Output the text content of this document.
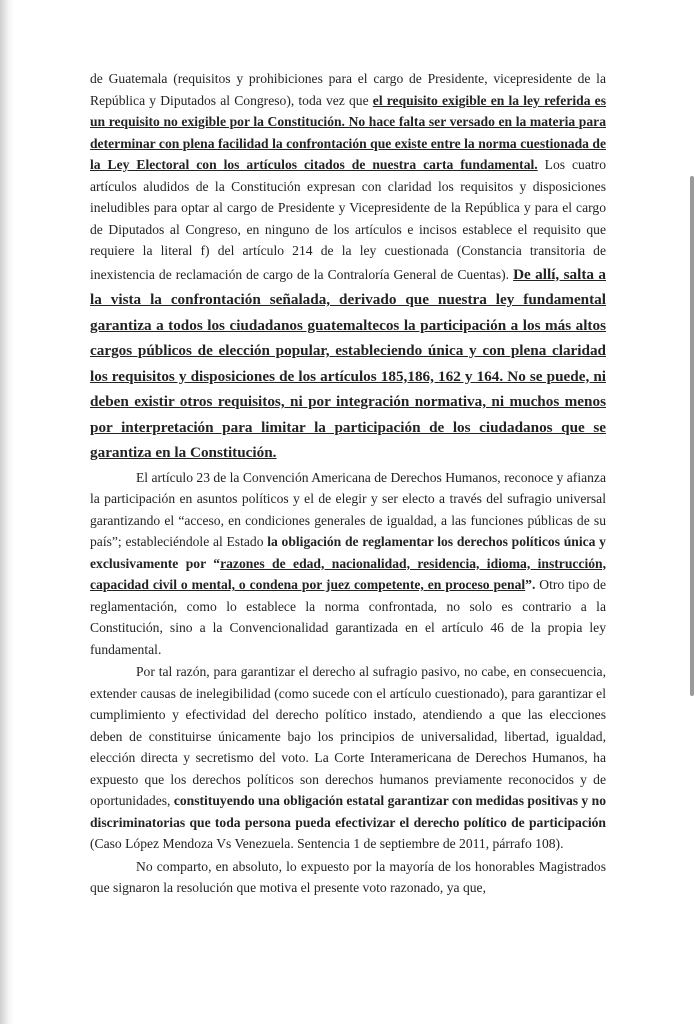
de Guatemala (requisitos y prohibiciones para el cargo de Presidente, vicepresidente de la República y Diputados al Congreso), toda vez que el requisito exigible en la ley referida es un requisito no exigible por la Constitución. No hace falta ser versado en la materia para determinar con plena facilidad la confrontación que existe entre la norma cuestionada de la Ley Electoral con los artículos citados de nuestra carta fundamental. Los cuatro artículos aludidos de la Constitución expresan con claridad los requisitos y disposiciones ineludibles para optar al cargo de Presidente y Vicepresidente de la República y para el cargo de Diputados al Congreso, en ninguno de los artículos e incisos establece el requisito que requiere la literal f) del artículo 214 de la ley cuestionada (Constancia transitoria de inexistencia de reclamación de cargo de la Contraloría General de Cuentas). De allí, salta a la vista la confrontación señalada, derivado que nuestra ley fundamental garantiza a todos los ciudadanos guatemaltecos la participación a los más altos cargos públicos de elección popular, estableciendo única y con plena claridad los requisitos y disposiciones de los artículos 185,186, 162 y 164. No se puede, ni deben existir otros requisitos, ni por integración normativa, ni muchos menos por interpretación para limitar la participación de los ciudadanos que se garantiza en la Constitución.

El artículo 23 de la Convención Americana de Derechos Humanos, reconoce y afianza la participación en asuntos políticos y el de elegir y ser electo a través del sufragio universal garantizando el “acceso, en condiciones generales de igualdad, a las funciones públicas de su país”; estableciéndole al Estado la obligación de reglamentar los derechos políticos única y exclusivamente por “razones de edad, nacionalidad, residencia, idioma, instrucción, capacidad civil o mental, o condena por juez competente, en proceso penal”. Otro tipo de reglamentación, como lo establece la norma confrontada, no solo es contrario a la Constitución, sino a la Convencionalidad garantizada en el artículo 46 de la propia ley fundamental.

Por tal razón, para garantizar el derecho al sufragio pasivo, no cabe, en consecuencia, extender causas de inelegibilidad (como sucede con el artículo cuestionado), para garantizar el cumplimiento y efectividad del derecho político instado, atendiendo a que las elecciones deben de constituirse únicamente bajo los principios de universalidad, libertad, igualdad, elección directa y secretismo del voto. La Corte Interamericana de Derechos Humanos, ha expuesto que los derechos políticos son derechos humanos previamente reconocidos y de oportunidades, constituyendo una obligación estatal garantizar con medidas positivas y no discriminatorias que toda persona pueda efectivizar el derecho político de participación (Caso López Mendoza Vs Venezuela. Sentencia 1 de septiembre de 2011, párrafo 108).

No comparto, en absoluto, lo expuesto por la mayoría de los honorables Magistrados que signaron la resolución que motiva el presente voto razonado, ya que,
